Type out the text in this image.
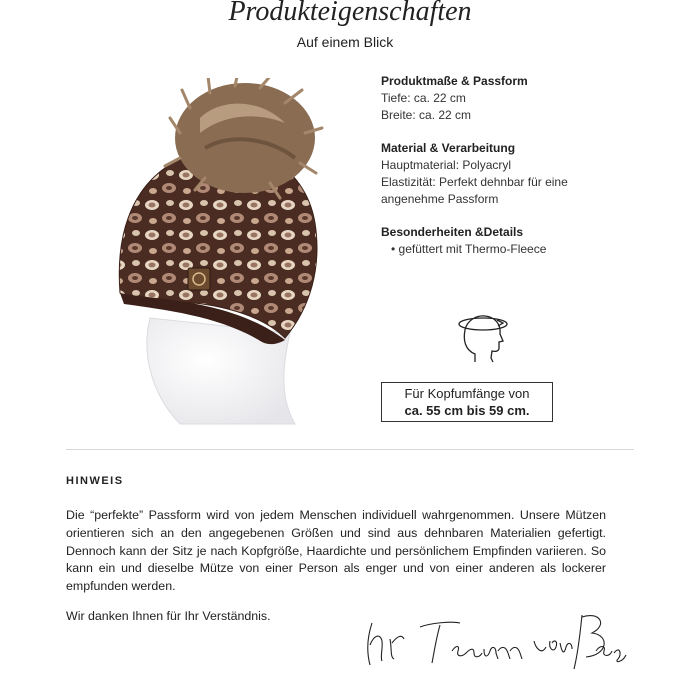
Produkteigenschaften
Auf einem Blick
Produktmaße & Passform
Tiefe: ca. 22 cm
Breite: ca. 22 cm
Material & Verarbeitung
Hauptmaterial: Polyacryl
Elastizität: Perfekt dehnbar für eine angenehme Passform
Besonderheiten &Details
• gefüttert mit Thermo-Fleece
Für Kopfumfänge von
ca. 55 cm bis 59 cm.
HINWEIS
Die “perfekte” Passform wird von jedem Menschen individuell wahrgenommen. Unsere Mützen orientieren sich an den angegebenen Größen und sind aus dehnbaren Materialien gefertigt. Dennoch kann der Sitz je nach Kopfgröße, Haardichte und persönlichem Empfinden variieren. So kann ein und dieselbe Mütze von einer Person als enger und von einer anderen als lockerer empfunden werden.
Wir danken Ihnen für Ihr Verständnis.
